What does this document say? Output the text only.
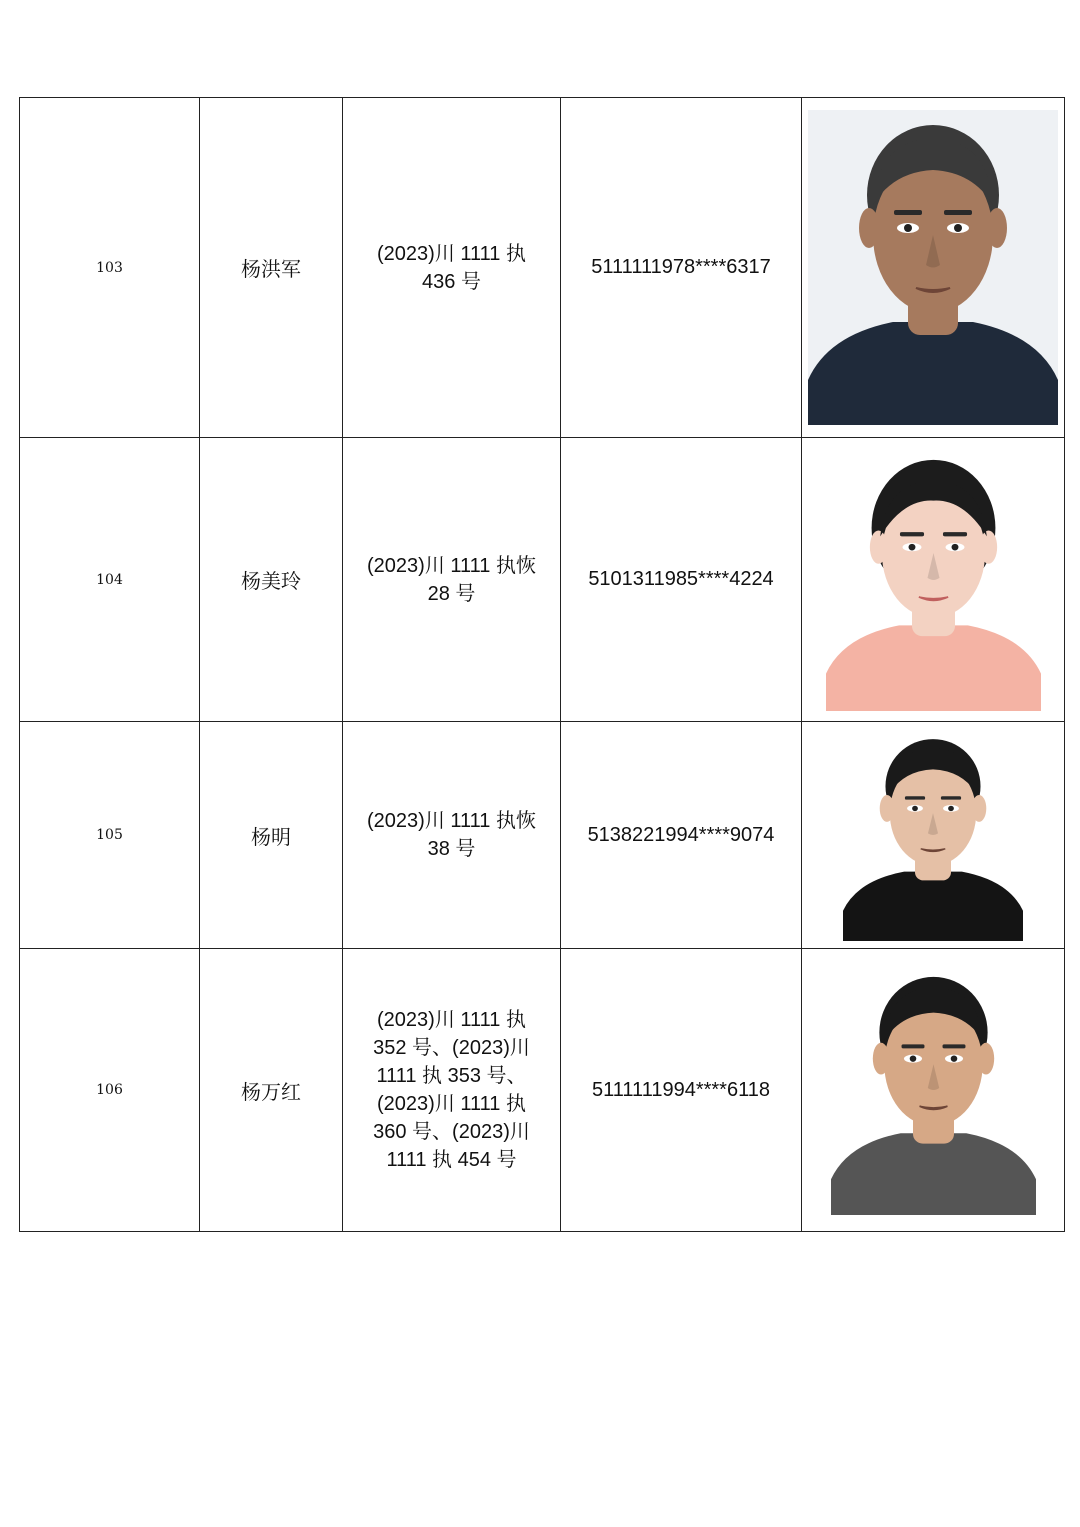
103	杨洪军	(2023)川 1111 执 436 号	5111111978****6317	

104	杨美玲	(2023)川 1111 执恢 28 号	5101311985****4224	

105	杨明	(2023)川 1111 执恢 38 号	5138221994****9074	

106	杨万红	(2023)川 1111 执 352 号、(2023)川 1111 执 353 号、(2023)川 1111 执 360 号、(2023)川 1111 执 454 号	5111111994****6118	
